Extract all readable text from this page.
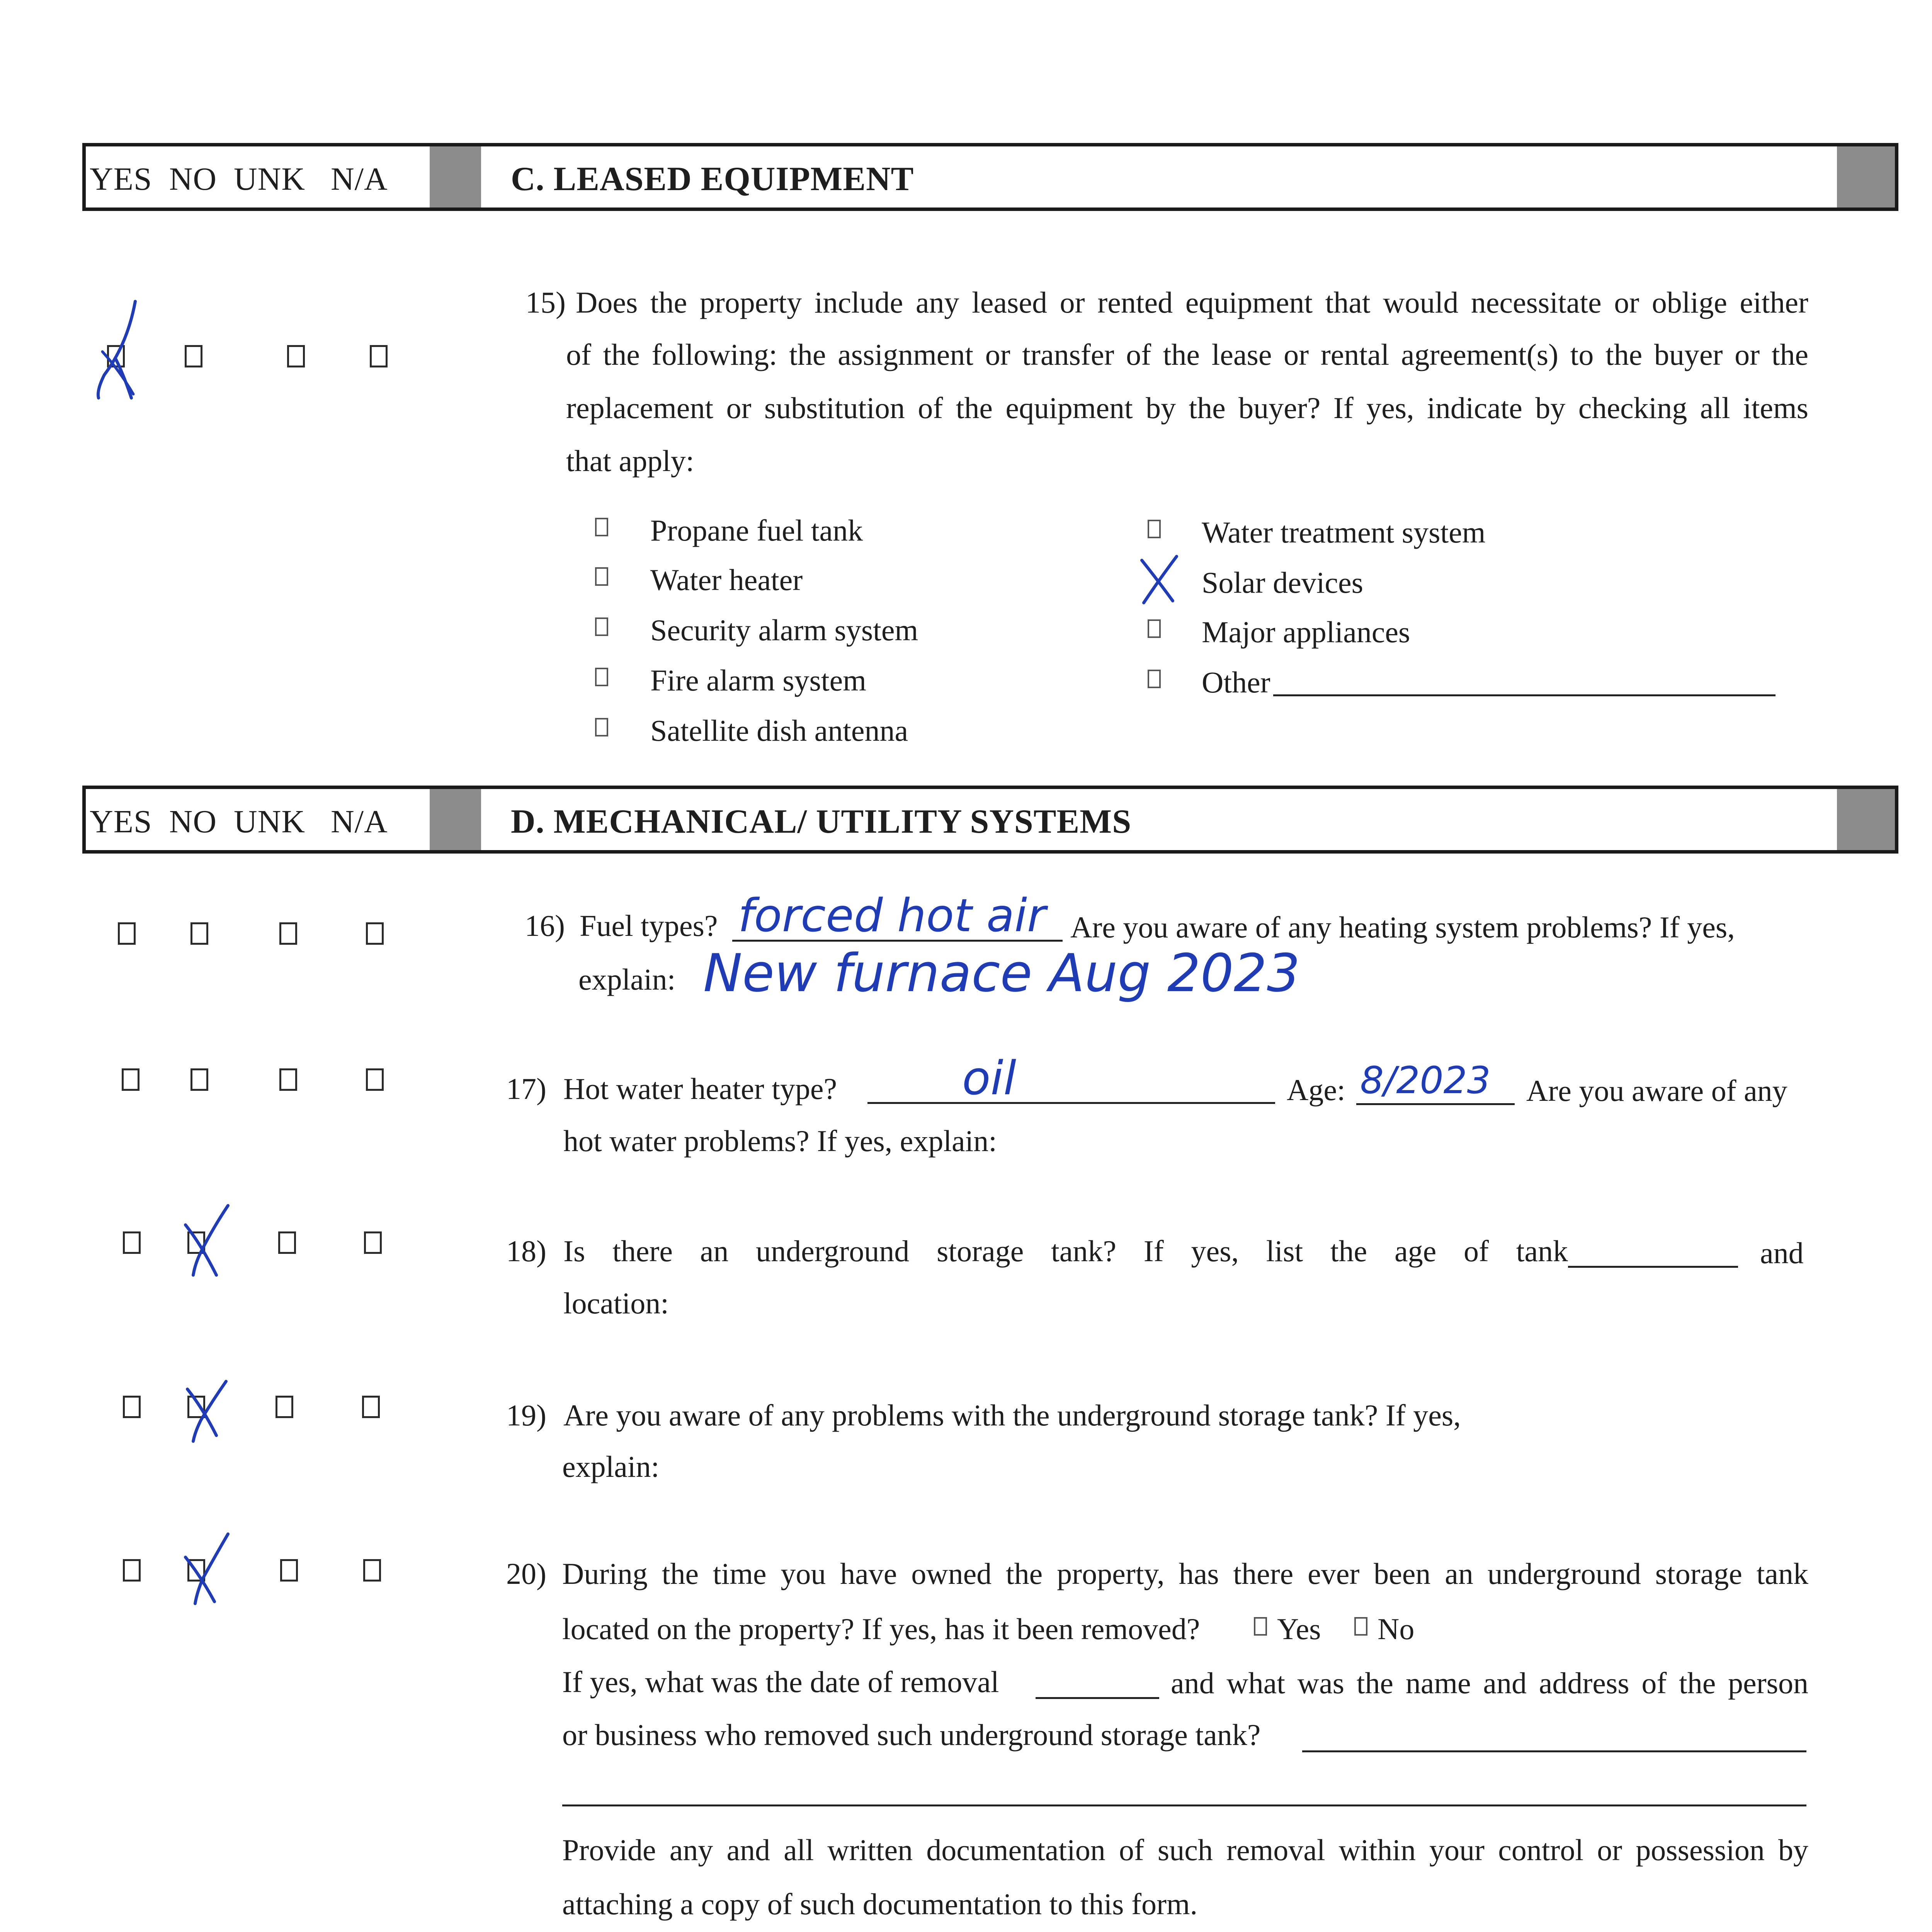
YES  NO  UNK   N/A	C. LEASED EQUIPMENT
15) Does the property include any leased or rented equipment that would necessitate or oblige either
of the following: the assignment or transfer of the lease or rental agreement(s) to the buyer or the
replacement or substitution of the equipment by the buyer? If yes, indicate by checking all items
that apply:
Propane fuel tank
Water heater
Security alarm system
Fire alarm system
Satellite dish antenna
Water treatment system
Solar devices
Major appliances
Other
YES  NO  UNK   N/A	D. MECHANICAL/ UTILITY SYSTEMS
16) Fuel types? forced hot air Are you aware of any heating system problems? If yes,
explain: New furnace Aug 2023
17) Hot water heater type?	oil	Age: 8/2023 Are you aware of any
hot water problems? If yes, explain:
18) Is there an underground storage tank? If yes, list the age of tank	and
location:
19) Are you aware of any problems with the underground storage tank? If yes,
explain:
20) During the time you have owned the property, has there ever been an underground storage tank
located on the property? If yes, has it been removed?	Yes No
If yes, what was the date of removal	and what was the name and address of the person
or business who removed such underground storage tank?
Provide any and all written documentation of such removal within your control or possession by
attaching a copy of such documentation to this form.
